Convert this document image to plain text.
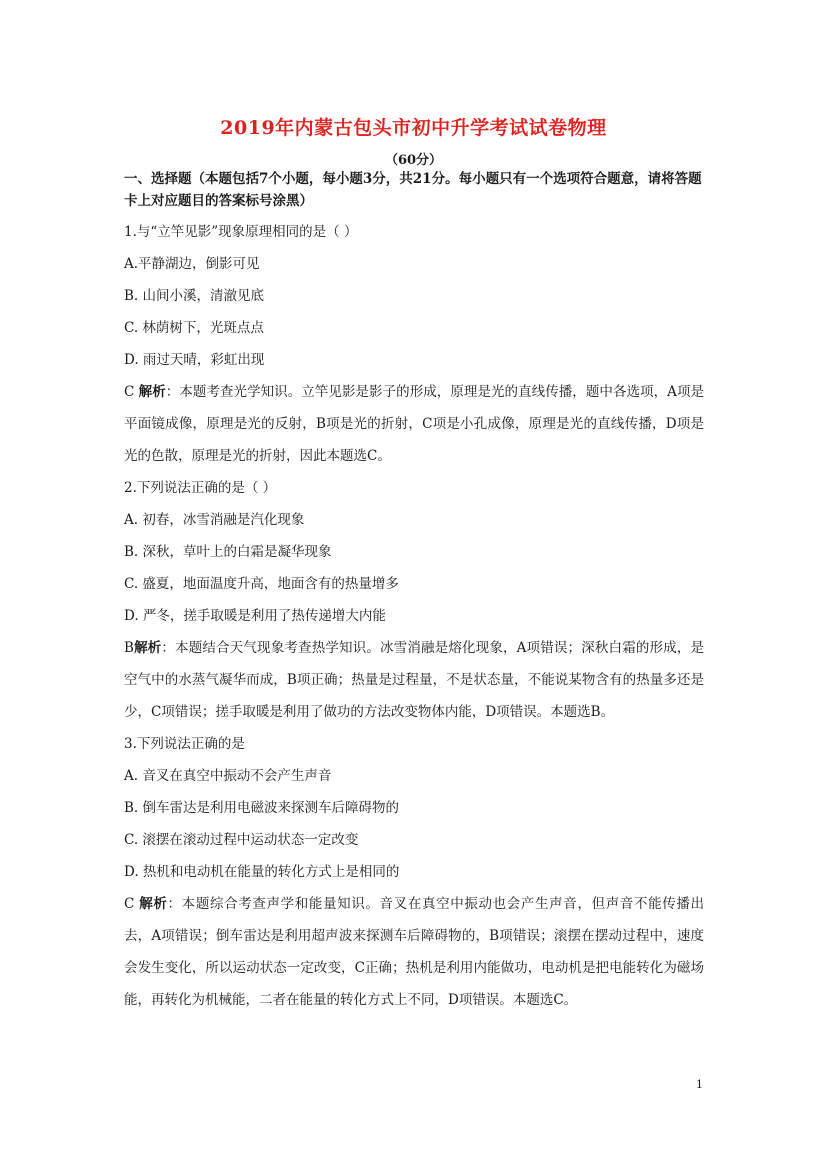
2019年内蒙古包头市初中升学考试试卷物理
（60分）

一、选择题（本题包括7个小题，每小题3分，共21分。每小题只有一个选项符合题意，请将答题卡上对应题目的答案标号涂黑）

1.与“立竿见影”现象原理相同的是（ ）

A.平静湖边，倒影可见

B. 山间小溪，清澈见底

C. 林荫树下，光斑点点

D. 雨过天晴，彩虹出现

C 解析：本题考查光学知识。立竿见影是影子的形成，原理是光的直线传播，题中各选项，A项是平面镜成像，原理是光的反射，B项是光的折射，C项是小孔成像，原理是光的直线传播，D项是光的色散，原理是光的折射，因此本题选C。

2.下列说法正确的是（ ）

A. 初春，冰雪消融是汽化现象

B. 深秋，草叶上的白霜是凝华现象

C. 盛夏，地面温度升高，地面含有的热量增多

D. 严冬，搓手取暖是利用了热传递增大内能

B解析：本题结合天气现象考查热学知识。冰雪消融是熔化现象，A项错误；深秋白霜的形成，是空气中的水蒸气凝华而成，B项正确；热量是过程量，不是状态量，不能说某物含有的热量多还是少，C项错误；搓手取暖是利用了做功的方法改变物体内能，D项错误。本题选B。

3.下列说法正确的是

A. 音叉在真空中振动不会产生声音

B. 倒车雷达是利用电磁波来探测车后障碍物的

C. 滚摆在滚动过程中运动状态一定改变

D. 热机和电动机在能量的转化方式上是相同的

C 解析：本题综合考查声学和能量知识。音叉在真空中振动也会产生声音，但声音不能传播出去，A项错误；倒车雷达是利用超声波来探测车后障碍物的，B项错误；滚摆在摆动过程中，速度会发生变化，所以运动状态一定改变，C正确；热机是利用内能做功，电动机是把电能转化为磁场能，再转化为机械能，二者在能量的转化方式上不同，D项错误。本题选C。

1
